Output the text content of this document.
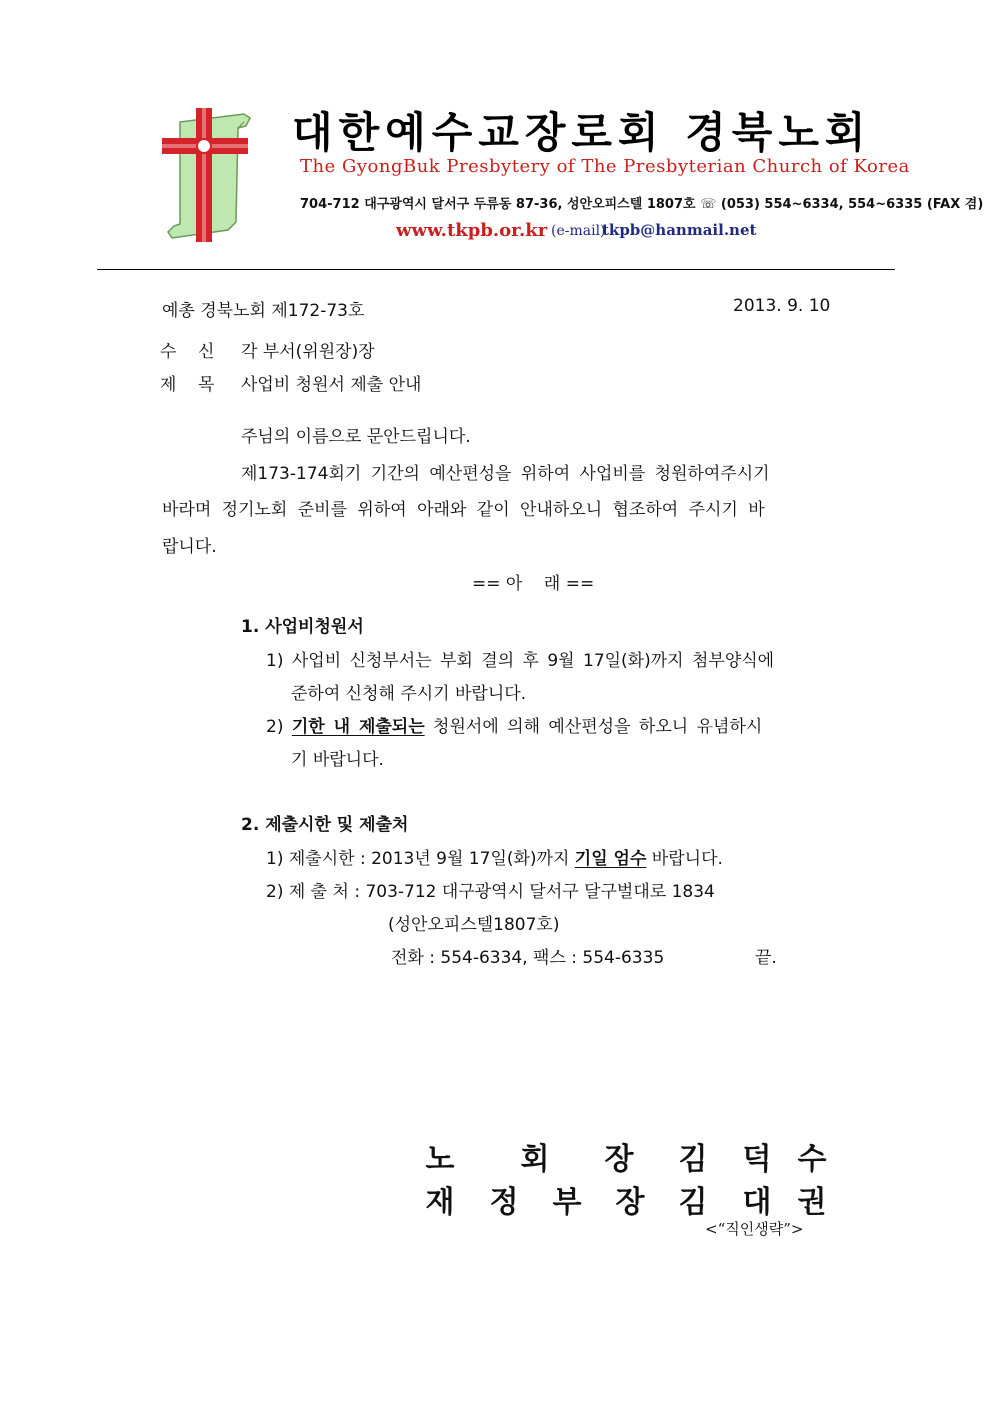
대한예수교장로회 경북노회
The GyongBuk Presbytery of The Presbyterian Church of Korea
704-712 대구광역시 달서구 두류동 87-36, 성안오피스텔 1807호 ☏ (053) 554~6334, 554~6335 (FAX 겸)
www.tkpb.or.kr (e-mail)
tkpb@hanmail.net
예총 경북노회 제172-73호	2013. 9. 10
수    신 각 부서(위원장)장
제    목 사업비 청원서 제출 안내
주님의 이름으로 문안드립니다.
제173-174회기 기간의 예산편성을 위하여 사업비를 청원하여주시기
바라며 정기노회 준비를 위하여 아래와 같이 안내하오니 협조하여 주시기 바
랍니다.
== 아    래 ==
1. 사업비청원서
1) 사업비 신청부서는 부회 결의 후 9월 17일(화)까지 첨부양식에
준하여 신청해 주시기 바랍니다.
2) 기한 내 제출되는 청원서에 의해 예산편성을 하오니 유념하시
기 바랍니다.
2. 제출시한 및 제출처
1) 제출시한 : 2013년 9월 17일(화)까지 기일 엄수 바랍니다.
2) 제 출 처 : 703-712 대구광역시 달서구 달구벌대로 1834
(성안오피스텔1807호)
전화 : 554-6334, 팩스 : 554-6335	끝.
노 회 장 김 덕 수
재 정 부 장 김 대 권
<“직인생략”>
